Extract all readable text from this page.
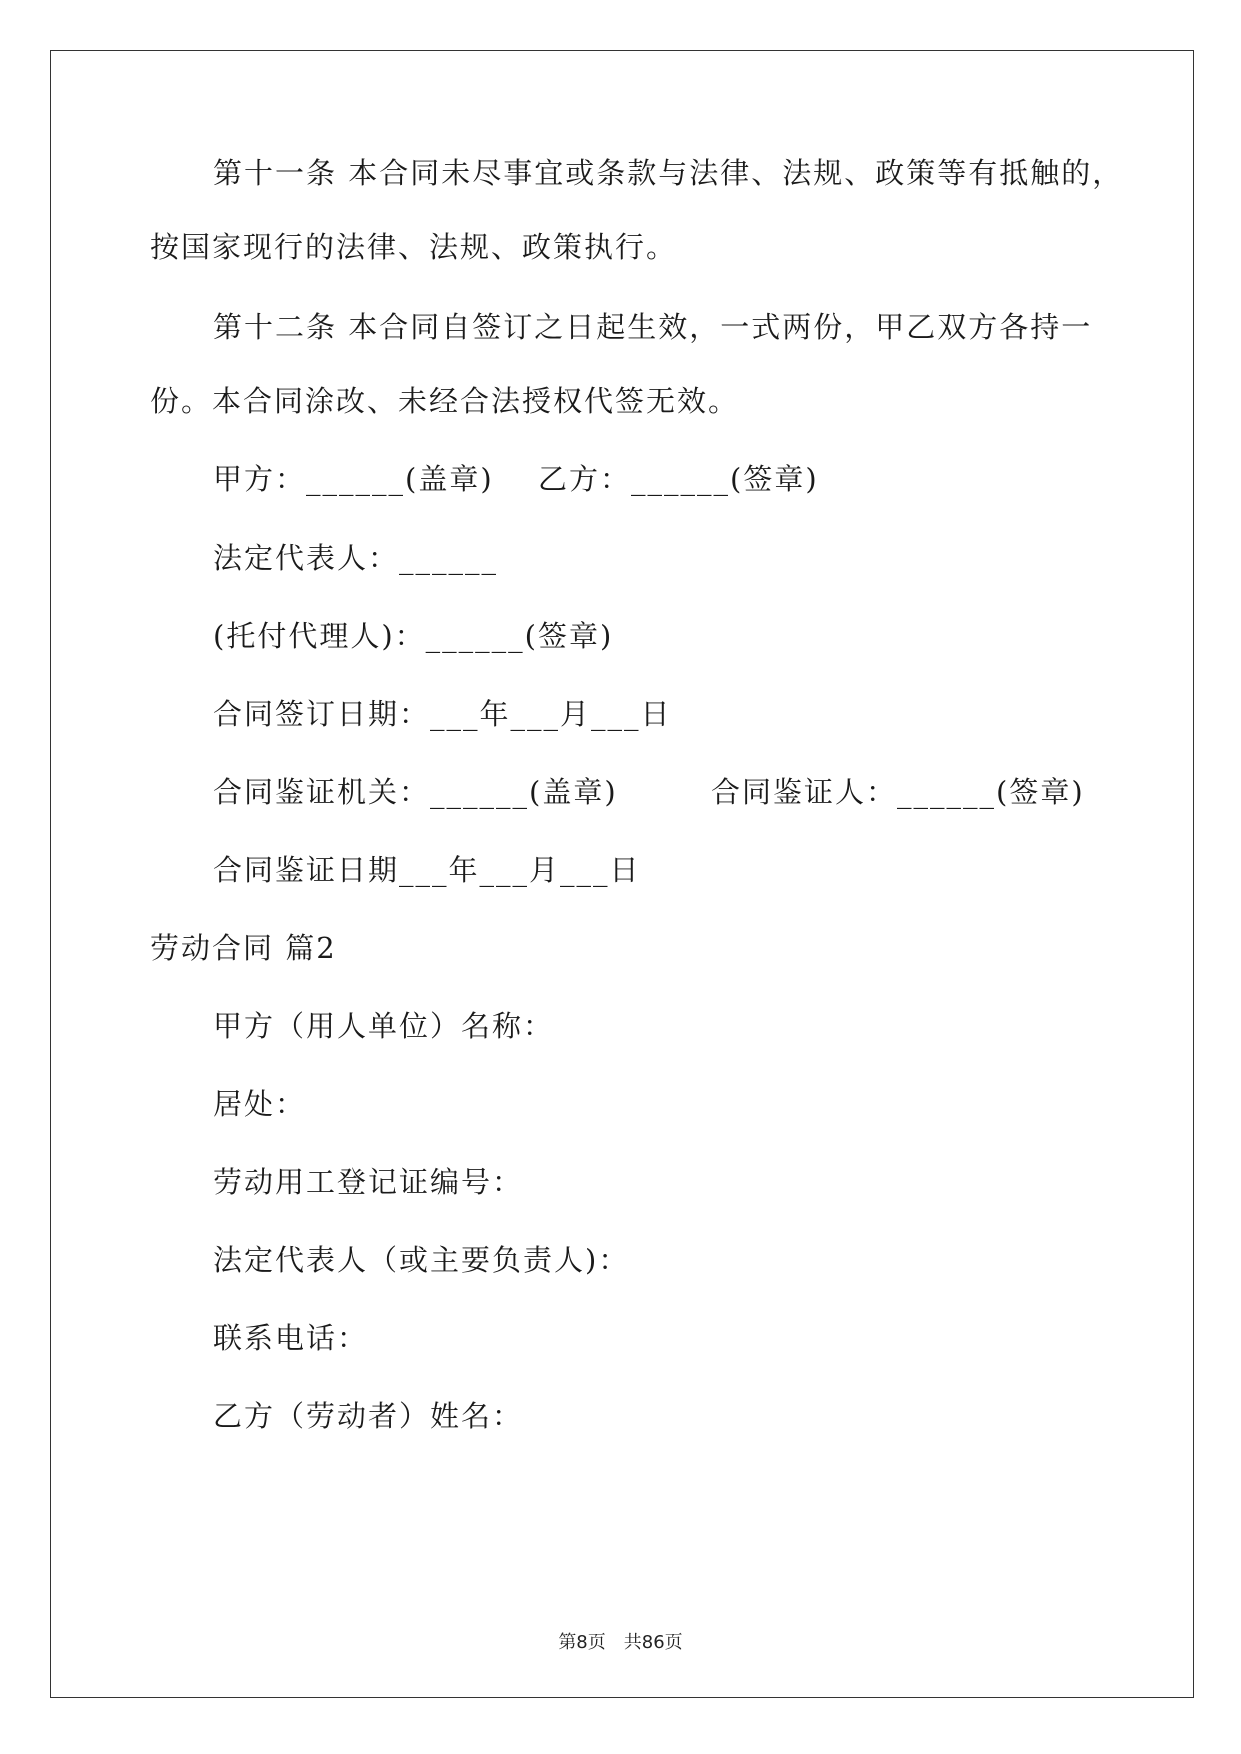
第十一条 本合同未尽事宜或条款与法律、法规、政策等有抵触的，
按国家现行的法律、法规、政策执行。
第十二条 本合同自签订之日起生效，一式两份，甲乙双方各持一
份。本合同涂改、未经合法授权代签无效。
甲方：______(盖章) 乙方：______(签章)
法定代表人：______
(托付代理人)：______(签章)
合同签订日期：___年___月___日
合同鉴证机关：______(盖章)	合同鉴证人：______(签章)
合同鉴证日期___年___月___日
劳动合同 篇2
甲方（用人单位）名称：
居处：
劳动用工登记证编号：
法定代表人（或主要负责人)：
联系电话：
乙方（劳动者）姓名：
第8页　共86页
